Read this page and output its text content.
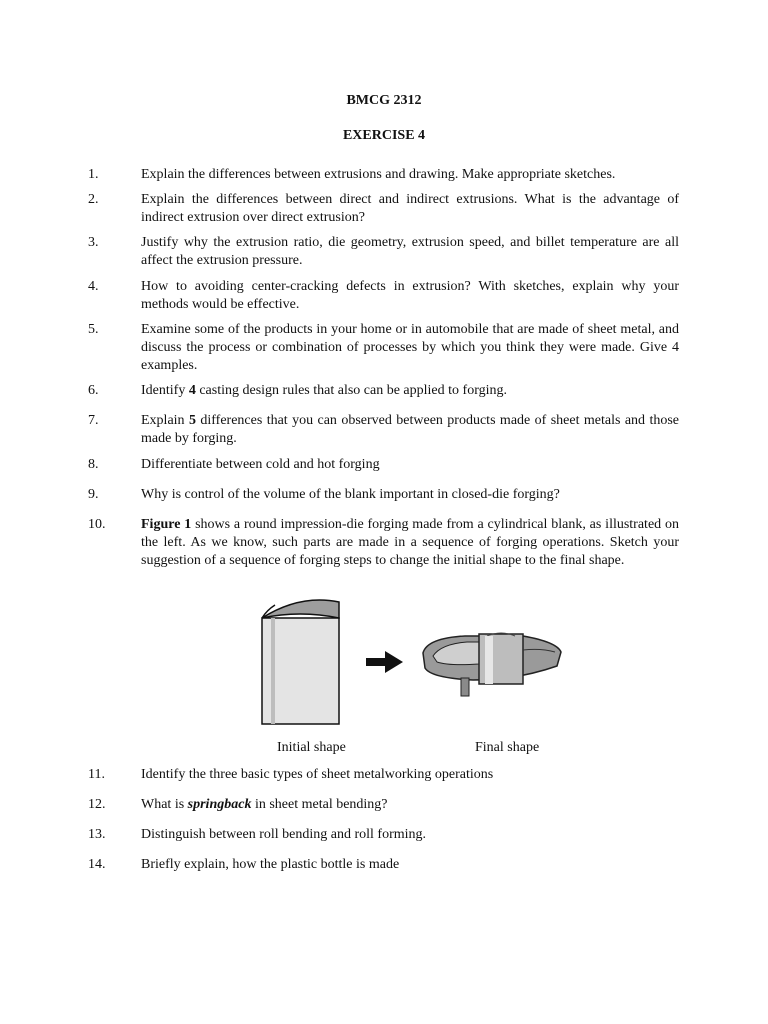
BMCG 2312
EXERCISE 4
1.	Explain the differences between extrusions and drawing. Make appropriate sketches.
2.	Explain the differences between direct and indirect extrusions. What is the advantage of indirect extrusion over direct extrusion?
3.	Justify why the extrusion ratio, die geometry, extrusion speed, and billet temperature are all affect the extrusion pressure.
4.	How to avoiding center-cracking defects in extrusion? With sketches, explain why your methods would be effective.
5.	Examine some of the products in your home or in automobile that are made of sheet metal, and discuss the process or combination of processes by which you think they were made. Give 4 examples.
6.	Identify 4 casting design rules that also can be applied to forging.
7.	Explain 5 differences that you can observed between products made of sheet metals and those made by forging.
8.	Differentiate between cold and hot forging
9.	Why is control of the volume of the blank important in closed-die forging?
10.	Figure 1 shows a round impression-die forging made from a cylindrical blank, as illustrated on the left. As we know, such parts are made in a sequence of forging operations. Sketch your suggestion of a sequence of forging steps to change the initial shape to the final shape.
Initial shape	Final shape
11.	Identify the three basic types of sheet metalworking operations
12.	What is springback in sheet metal bending?
13.	Distinguish between roll bending and roll forming.
14.	Briefly explain, how the plastic bottle is made
